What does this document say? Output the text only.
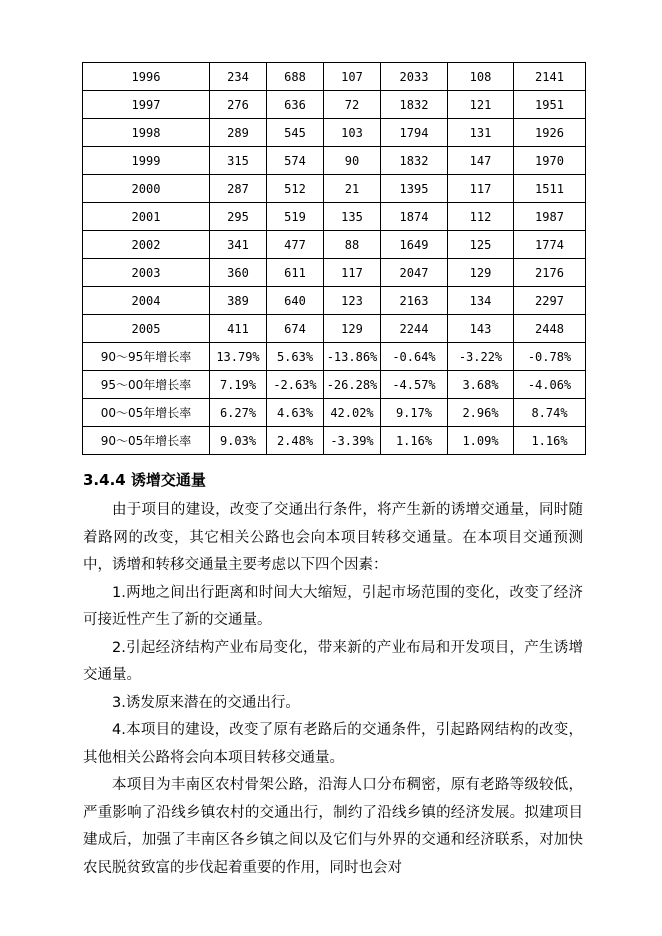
1996	234	688	107	2033	108	2141
1997	276	636	72	1832	121	1951
1998	289	545	103	1794	131	1926
1999	315	574	90	1832	147	1970
2000	287	512	21	1395	117	1511
2001	295	519	135	1874	112	1987
2002	341	477	88	1649	125	1774
2003	360	611	117	2047	129	2176
2004	389	640	123	2163	134	2297
2005	411	674	129	2244	143	2448
90～95年增长率	13.79%	5.63%	-13.86%	-0.64%	-3.22%	-0.78%
95～00年增长率	7.19%	-2.63%	-26.28%	-4.57%	3.68%	-4.06%
00～05年增长率	6.27%	4.63%	42.02%	9.17%	2.96%	8.74%
90～05年增长率	9.03%	2.48%	-3.39%	1.16%	1.09%	1.16%
3.4.4 诱增交通量

由于项目的建设，改变了交通出行条件，将产生新的诱增交通量，同时随着路网的改变，其它相关公路也会向本项目转移交通量。在本项目交通预测中，诱增和转移交通量主要考虑以下四个因素：

1.两地之间出行距离和时间大大缩短，引起市场范围的变化，改变了经济可接近性产生了新的交通量。

2.引起经济结构产业布局变化，带来新的产业布局和开发项目，产生诱增交通量。

3.诱发原来潜在的交通出行。

4.本项目的建设，改变了原有老路后的交通条件，引起路网结构的改变，其他相关公路将会向本项目转移交通量。

本项目为丰南区农村骨架公路，沿海人口分布稠密，原有老路等级较低，严重影响了沿线乡镇农村的交通出行，制约了沿线乡镇的经济发展。拟建项目建成后，加强了丰南区各乡镇之间以及它们与外界的交通和经济联系，对加快农民脱贫致富的步伐起着重要的作用，同时也会对
